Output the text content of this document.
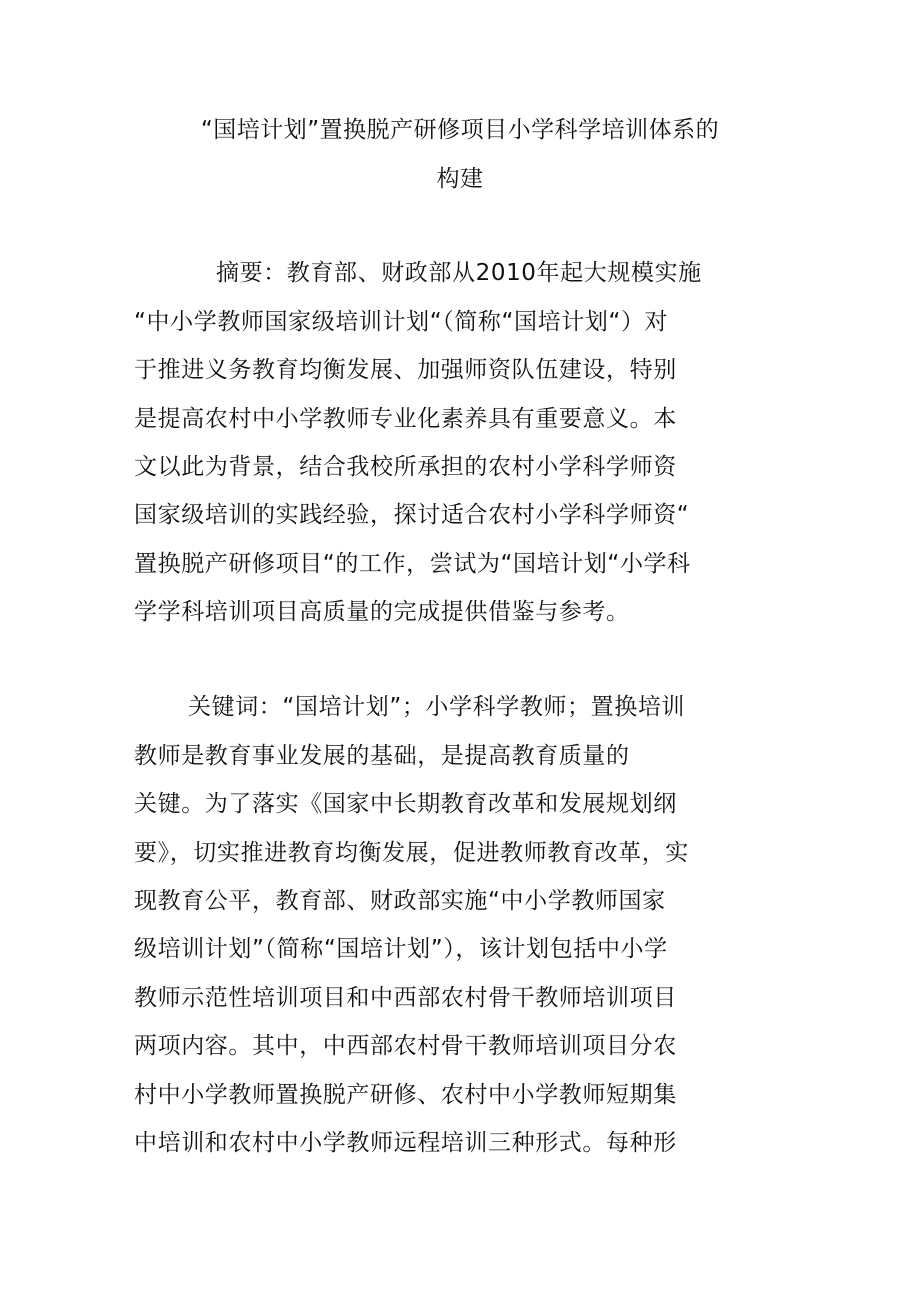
“国培计划”置换脱产研修项目小学科学培训体系的
构建
摘要：教育部、财政部从2010年起大规模实施
“中小学教师国家级培训计划“（简称“国培计划“）对
于推进义务教育均衡发展、加强师资队伍建设，特别
是提高农村中小学教师专业化素养具有重要意义。本
文以此为背景，结合我校所承担的农村小学科学师资
国家级培训的实践经验，探讨适合农村小学科学师资“
置换脱产研修项目“的工作，尝试为“国培计划“小学科
学学科培训项目高质量的完成提供借鉴与参考。
关键词：“国培计划”；小学科学教师；置换培训
教师是教育事业发展的基础，是提高教育质量的
关键。为了落实《国家中长期教育改革和发展规划纲
要》，切实推进教育均衡发展，促进教师教育改革，实
现教育公平，教育部、财政部实施“中小学教师国家
级培训计划”（简称“国培计划”），该计划包括中小学
教师示范性培训项目和中西部农村骨干教师培训项目
两项内容。其中，中西部农村骨干教师培训项目分农
村中小学教师置换脱产研修、农村中小学教师短期集
中培训和农村中小学教师远程培训三种形式。每种形
